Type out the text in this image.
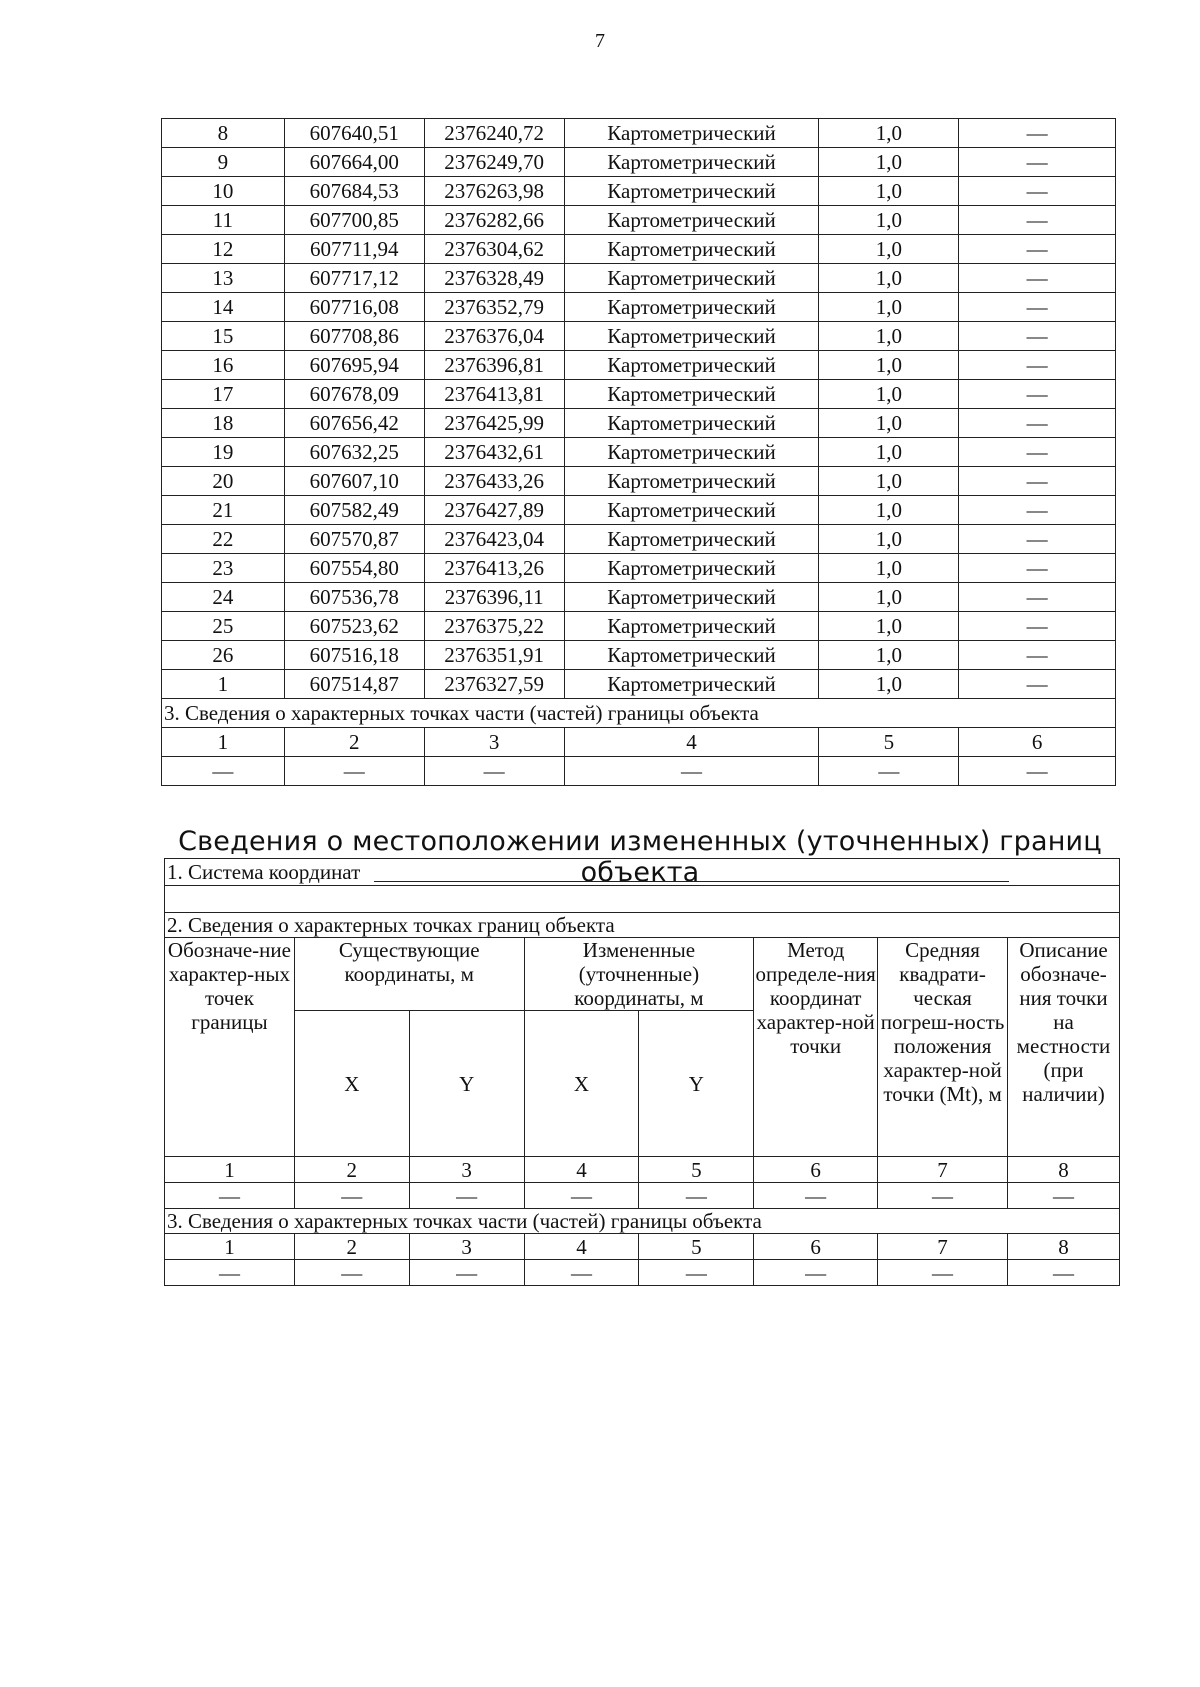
7
8	607640,51	2376240,72	Картометрический	1,0	—
9	607664,00	2376249,70	Картометрический	1,0	—
10	607684,53	2376263,98	Картометрический	1,0	—
11	607700,85	2376282,66	Картометрический	1,0	—
12	607711,94	2376304,62	Картометрический	1,0	—
13	607717,12	2376328,49	Картометрический	1,0	—
14	607716,08	2376352,79	Картометрический	1,0	—
15	607708,86	2376376,04	Картометрический	1,0	—
16	607695,94	2376396,81	Картометрический	1,0	—
17	607678,09	2376413,81	Картометрический	1,0	—
18	607656,42	2376425,99	Картометрический	1,0	—
19	607632,25	2376432,61	Картометрический	1,0	—
20	607607,10	2376433,26	Картометрический	1,0	—
21	607582,49	2376427,89	Картометрический	1,0	—
22	607570,87	2376423,04	Картометрический	1,0	—
23	607554,80	2376413,26	Картометрический	1,0	—
24	607536,78	2376396,11	Картометрический	1,0	—
25	607523,62	2376375,22	Картометрический	1,0	—
26	607516,18	2376351,91	Картометрический	1,0	—
1	607514,87	2376327,59	Картометрический	1,0	—
3. Сведения о характерных точках части (частей) границы объекта					
1	2	3	4	5	6
—	—	—	—	—	—
Сведения о местоположении измененных (уточненных) границ объекта
1. Система координат							

2. Сведения о характерных точках границ объекта							
Обозначе-ние характер-ных точек границы	Существующие координаты, м		Измененные (уточненные) координаты, м		Метод определе-ния координат характер-ной точки	Средняя квадрати-ческая погреш-ность положения характер-ной точки (Mt), м	Описание обозначе-ния точки на местности (при наличии)
	X	Y	X	Y			
1	2	3	4	5	6	7	8
—	—	—	—	—	—	—	—
3. Сведения о характерных точках части (частей) границы объекта							
1	2	3	4	5	6	7	8
—	—	—	—	—	—	—	—
